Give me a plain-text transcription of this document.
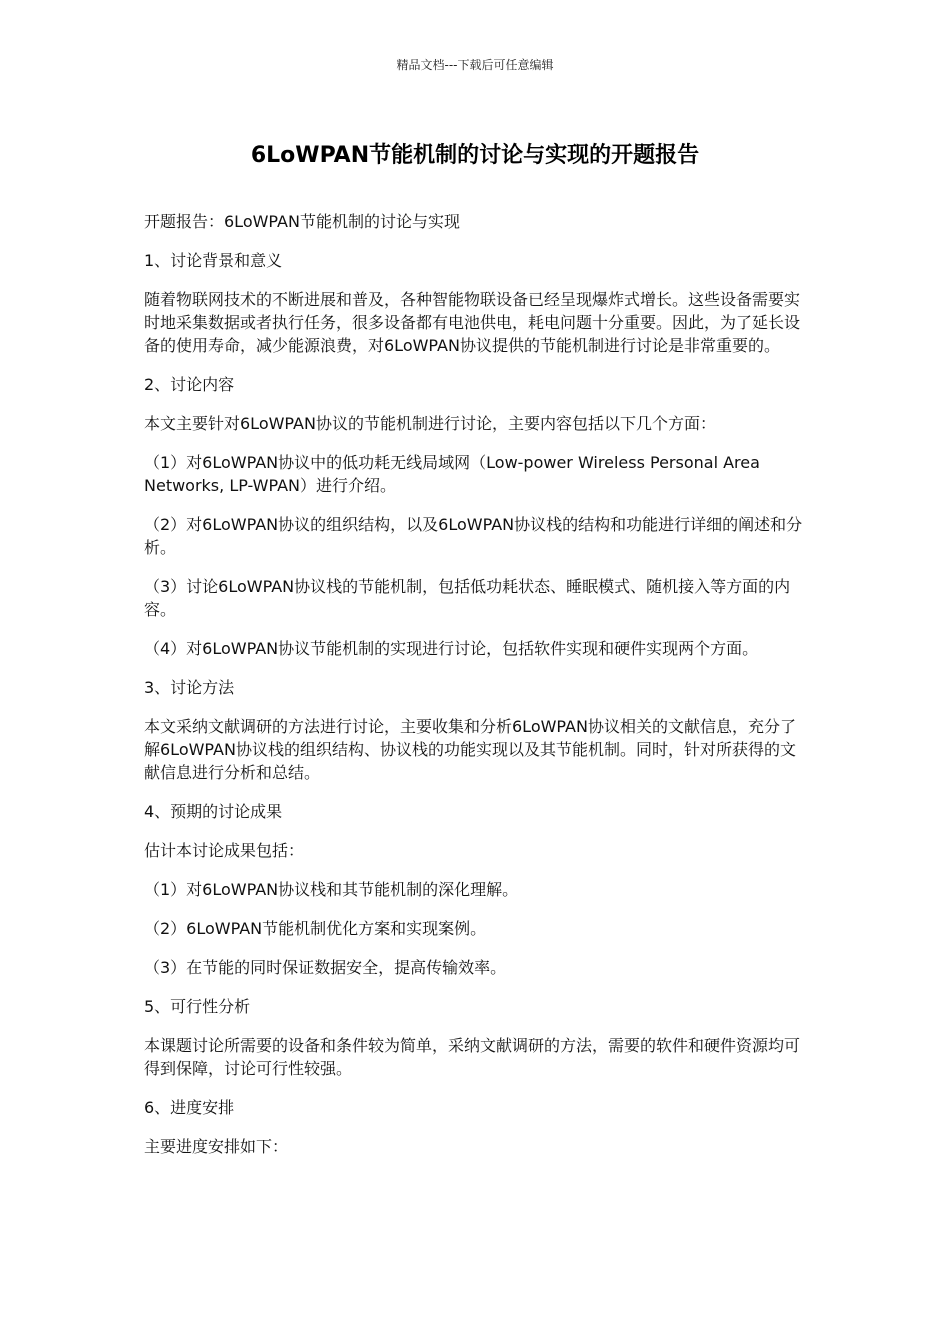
精品文档---下载后可任意编辑
6LoWPAN节能机制的讨论与实现的开题报告

开题报告：6LoWPAN节能机制的讨论与实现

1、讨论背景和意义

随着物联网技术的不断进展和普及，各种智能物联设备已经呈现爆炸式增长。这些设备需要实时地采集数据或者执行任务，很多设备都有电池供电，耗电问题十分重要。因此，为了延长设备的使用寿命，减少能源浪费，对6LoWPAN协议提供的节能机制进行讨论是非常重要的。

2、讨论内容

本文主要针对6LoWPAN协议的节能机制进行讨论，主要内容包括以下几个方面：

（1）对6LoWPAN协议中的低功耗无线局域网（Low-power Wireless Personal Area Networks, LP-WPAN）进行介绍。

（2）对6LoWPAN协议的组织结构，以及6LoWPAN协议栈的结构和功能进行详细的阐述和分析。

（3）讨论6LoWPAN协议栈的节能机制，包括低功耗状态、睡眠模式、随机接入等方面的内容。

（4）对6LoWPAN协议节能机制的实现进行讨论，包括软件实现和硬件实现两个方面。

3、讨论方法

本文采纳文献调研的方法进行讨论，主要收集和分析6LoWPAN协议相关的文献信息，充分了解6LoWPAN协议栈的组织结构、协议栈的功能实现以及其节能机制。同时，针对所获得的文献信息进行分析和总结。

4、预期的讨论成果

估计本讨论成果包括：

（1）对6LoWPAN协议栈和其节能机制的深化理解。

（2）6LoWPAN节能机制优化方案和实现案例。

（3）在节能的同时保证数据安全，提高传输效率。

5、可行性分析

本课题讨论所需要的设备和条件较为简单，采纳文献调研的方法，需要的软件和硬件资源均可得到保障，讨论可行性较强。

6、进度安排

主要进度安排如下：
